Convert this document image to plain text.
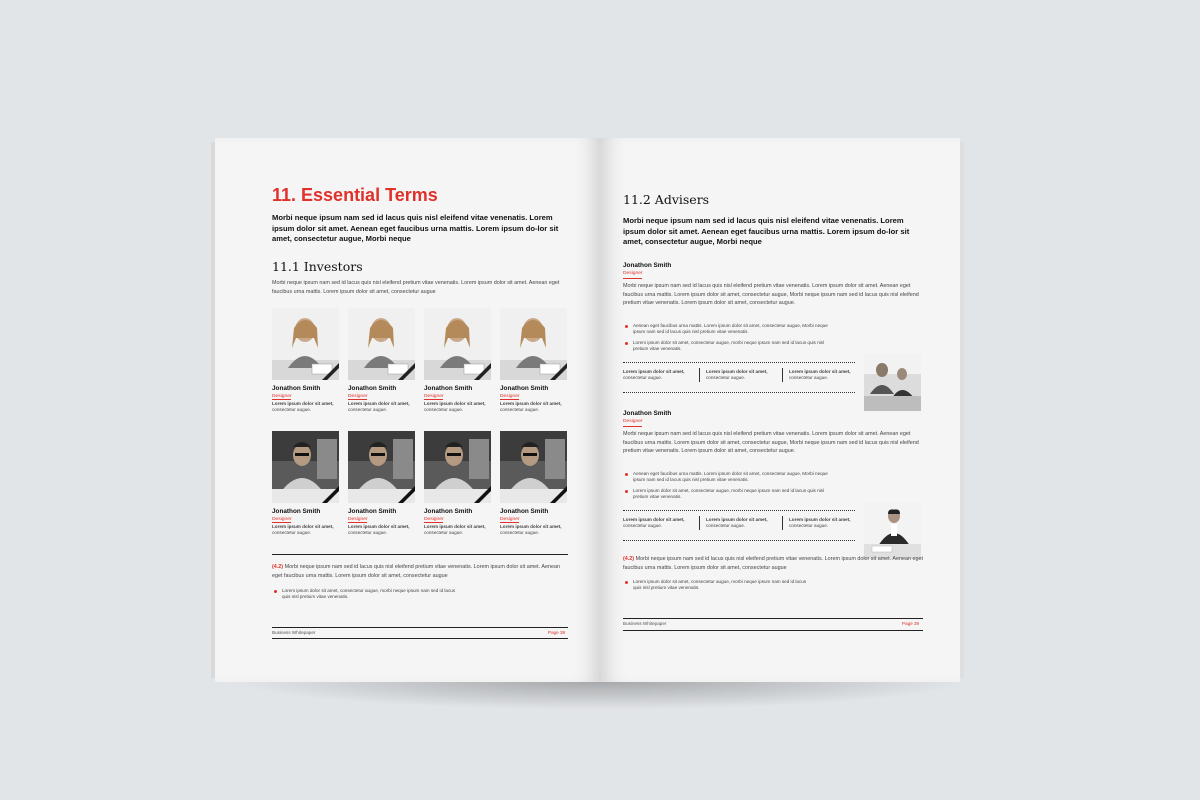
11. Essential Terms
Morbi neque ipsum nam sed id lacus quis nisl eleifend vitae venenatis. Lorem ipsum dolor sit amet. Aenean eget faucibus urna mattis. Lorem ipsum do-lor sit amet, consectetur augue, Morbi neque
11.1 Investors
Morbi neque ipsum nam sed id lacus quis nisl eleifend pretium vitae venenatis. Lorem ipsum dolor sit amet. Aenean eget faucibus urna mattis. Lorem ipsum dolor sit amet, consectetur augue
Jonathon Smith
Designer
Lorem ipsum dolor sit amet,
consectetur augue.
Jonathon Smith
Designer
Lorem ipsum dolor sit amet,
consectetur augue.
Jonathon Smith
Designer
Lorem ipsum dolor sit amet,
consectetur augue.
Jonathon Smith
Designer
Lorem ipsum dolor sit amet,
consectetur augue.
Jonathon Smith
Designer
Lorem ipsum dolor sit amet,
consectetur augue.
Jonathon Smith
Designer
Lorem ipsum dolor sit amet,
consectetur augue.
Jonathon Smith
Designer
Lorem ipsum dolor sit amet,
consectetur augue.
Jonathon Smith
Designer
Lorem ipsum dolor sit amet,
consectetur augue.
(4.2) Morbi neque ipsum nam sed id lacus quis nisl eleifend pretium vitae venenatis. Lorem ipsum dolor sit amet. Aenean eget faucibus urna mattis. Lorem ipsum dolor sit amet, consectetur augue
Lorem ipsum dolor sit amet, consectetur augue, morbi neque ipsum nam sed id lacus quis nisl pretium vitae venenatis.
Business Whitepaper	Page 38
11.2 Advisers
Morbi neque ipsum nam sed id lacus quis nisl eleifend vitae venenatis. Lorem ipsum dolor sit amet. Aenean eget faucibus urna mattis. Lorem ipsum do-lor sit amet, consectetur augue, Morbi neque
Jonathon Smith
Designer
Morbi neque ipsum nam sed id lacus quis nisl eleifend pretium vitae venenatis. Lorem ipsum dolor sit amet. Aenean eget faucibus urna mattis. Lorem ipsum dolor sit amet, consectetur augue, Morbi neque ipsum nam sed id lacus quis nisl eleifend pretium vitae venenatis. Lorem ipsum dolor sit amet, consectetur augue.
Aenean eget faucibus urna mattis. Lorem ipsum dolor sit amet, consectetur augue, Morbi neque ipsum nam sed id lacus quis nisl pretium vitae venenatis.
Lorem ipsum dolor sit amet, consectetur augue, morbi neque ipsum nam sed id lacus quis nisl pretium vitae venenatis.
Lorem ipsum dolor sit amet,
consectetur augue.
Lorem ipsum dolor sit amet,
consectetur augue.
Lorem ipsum dolor sit amet,
consectetur augue.
Jonathon Smith
Designer
Morbi neque ipsum nam sed id lacus quis nisl eleifend pretium vitae venenatis. Lorem ipsum dolor sit amet. Aenean eget faucibus urna mattis. Lorem ipsum dolor sit amet, consectetur augue, Morbi neque ipsum nam sed id lacus quis nisl eleifend pretium vitae venenatis. Lorem ipsum dolor sit amet, consectetur augue.
Aenean eget faucibus urna mattis. Lorem ipsum dolor sit amet, consectetur augue, Morbi neque ipsum nam sed id lacus quis nisl pretium vitae venenatis.
Lorem ipsum dolor sit amet, consectetur augue, morbi neque ipsum nam sed id lacus quis nisl pretium vitae venenatis.
Lorem ipsum dolor sit amet,
consectetur augue.
Lorem ipsum dolor sit amet,
consectetur augue.
Lorem ipsum dolor sit amet,
consectetur augue.
(4.2) Morbi neque ipsum nam sed id lacus quis nisl eleifend pretium vitae venenatis. Lorem ipsum dolor sit amet. Aenean eget faucibus urna mattis. Lorem ipsum dolor sit amet, consectetur augue
Lorem ipsum dolor sit amet, consectetur augue, morbi neque ipsum nam sed id lacus quis nisl pretium vitae venenatis.
Business Whitepaper	Page 39
